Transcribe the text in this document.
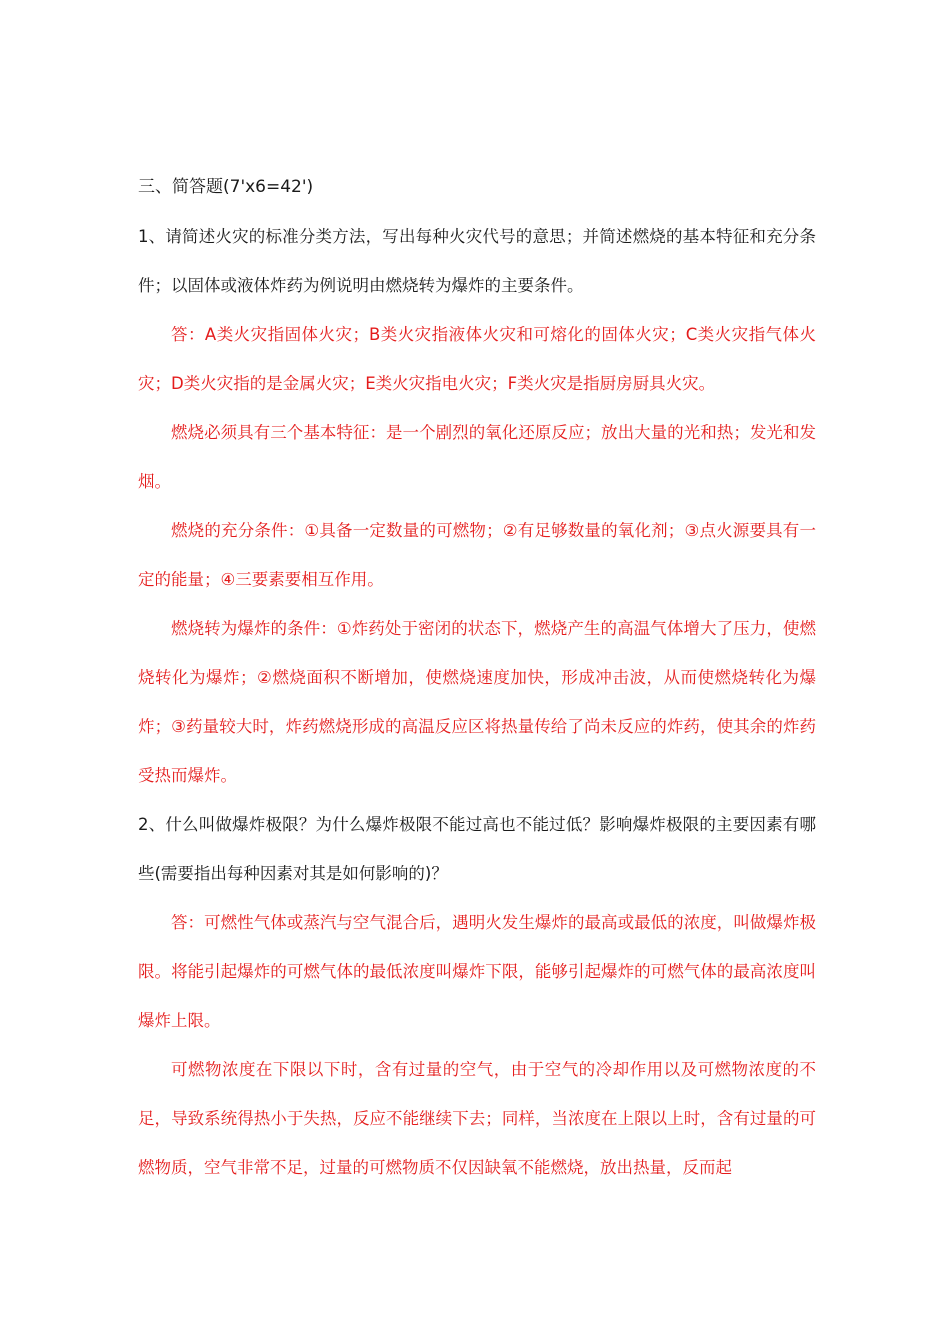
三、简答题(7'x6=42')

1、请简述火灾的标准分类方法，写出每种火灾代号的意思；并简述燃烧的基本特征和充分条件；以固体或液体炸药为例说明由燃烧转为爆炸的主要条件。

答：A类火灾指固体火灾；B类火灾指液体火灾和可熔化的固体火灾；C类火灾指气体火灾；D类火灾指的是金属火灾；E类火灾指电火灾；F类火灾是指厨房厨具火灾。

燃烧必须具有三个基本特征：是一个剧烈的氧化还原反应；放出大量的光和热；发光和发烟。

燃烧的充分条件：①具备一定数量的可燃物；②有足够数量的氧化剂；③点火源要具有一定的能量；④三要素要相互作用。

燃烧转为爆炸的条件：①炸药处于密闭的状态下，燃烧产生的高温气体增大了压力，使燃烧转化为爆炸；②燃烧面积不断增加，使燃烧速度加快，形成冲击波，从而使燃烧转化为爆炸；③药量较大时，炸药燃烧形成的高温反应区将热量传给了尚未反应的炸药，使其余的炸药受热而爆炸。

2、什么叫做爆炸极限？为什么爆炸极限不能过高也不能过低？影响爆炸极限的主要因素有哪些(需要指出每种因素对其是如何影响的)？

答：可燃性气体或蒸汽与空气混合后，遇明火发生爆炸的最高或最低的浓度，叫做爆炸极限。将能引起爆炸的可燃气体的最低浓度叫爆炸下限，能够引起爆炸的可燃气体的最高浓度叫爆炸上限。

可燃物浓度在下限以下时，含有过量的空气，由于空气的冷却作用以及可燃物浓度的不足，导致系统得热小于失热，反应不能继续下去；同样，当浓度在上限以上时，含有过量的可燃物质，空气非常不足，过量的可燃物质不仅因缺氧不能燃烧，放出热量，反而起
